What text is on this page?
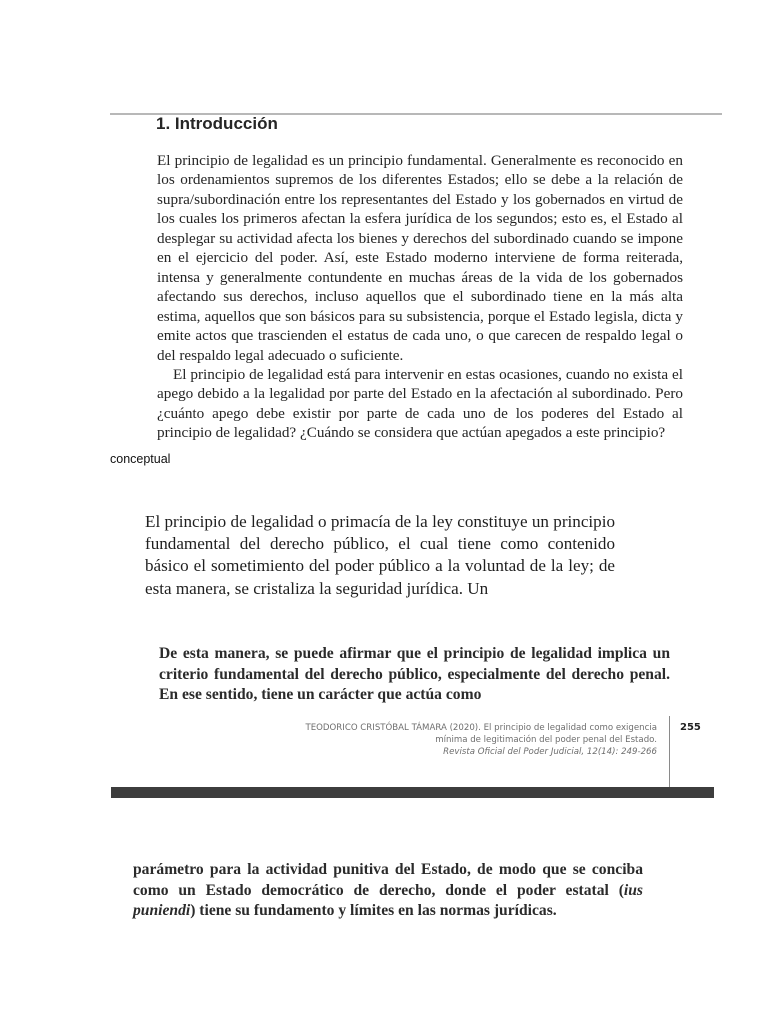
1. Introducción

El principio de legalidad es un principio fundamental. Generalmente es reconocido en los ordenamientos supremos de los diferentes Estados; ello se debe a la relación de supra/subordinación entre los representantes del Estado y los gobernados en virtud de los cuales los primeros afectan la esfera jurídica de los segundos; esto es, el Estado al desplegar su actividad afecta los bienes y derechos del subordinado cuando se impone en el ejercicio del poder. Así, este Estado moderno interviene de forma reiterada, intensa y generalmente contundente en muchas áreas de la vida de los gobernados afectando sus derechos, incluso aquellos que el subordinado tiene en la más alta estima, aquellos que son básicos para su subsistencia, porque el Estado legisla, dicta y emite actos que trascienden el estatus de cada uno, o que carecen de respaldo legal o del respaldo legal adecuado o suficiente.

El principio de legalidad está para intervenir en estas ocasiones, cuando no exista el apego debido a la legalidad por parte del Estado en la afectación al subordinado. Pero ¿cuánto apego debe existir por parte de cada uno de los poderes del Estado al principio de legalidad? ¿Cuándo se considera que actúan apegados a este principio?

conceptual

El principio de legalidad o primacía de la ley constituye un principio fundamental del derecho público, el cual tiene como contenido básico el sometimiento del poder público a la voluntad de la ley; de esta manera, se cristaliza la seguridad jurídica. Un

De esta manera, se puede afirmar que el principio de legalidad implica un criterio fundamental del derecho público, especialmente del derecho penal. En ese sentido, tiene un carácter que actúa como

TEODORICO CRISTÓBAL TÁMARA (2020). El principio de legalidad como exigencia
mínima de legitimación del poder penal del Estado.
Revista Oficial del Poder Judicial, 12(14): 249-266
255

parámetro para la actividad punitiva del Estado, de modo que se conciba como un Estado democrático de derecho, donde el poder estatal (ius puniendi) tiene su fundamento y límites en las normas jurídicas.
